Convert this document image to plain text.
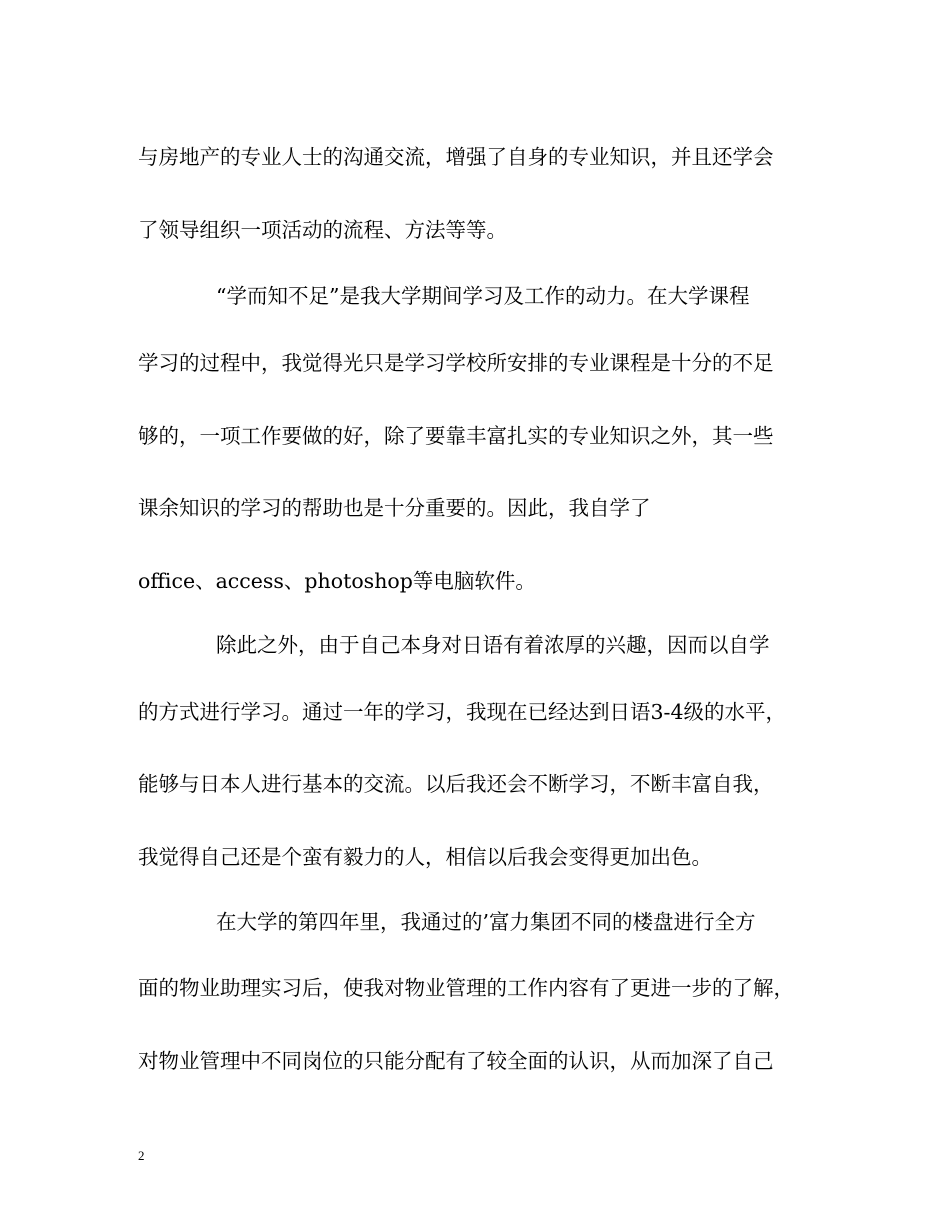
与房地产的专业人士的沟通交流，增强了自身的专业知识，并且还学会
了领导组织一项活动的流程、方法等等。
“学而知不足”是我大学期间学习及工作的动力。在大学课程
学习的过程中，我觉得光只是学习学校所安排的专业课程是十分的不足
够的，一项工作要做的好，除了要靠丰富扎实的专业知识之外，其一些
课余知识的学习的帮助也是十分重要的。因此，我自学了
office、access、photoshop等电脑软件。
除此之外，由于自己本身对日语有着浓厚的兴趣，因而以自学
的方式进行学习。通过一年的学习，我现在已经达到日语3-4级的水平，
能够与日本人进行基本的交流。以后我还会不断学习，不断丰富自我，
我觉得自己还是个蛮有毅力的人，相信以后我会变得更加出色。
在大学的第四年里，我通过的’富力集团不同的楼盘进行全方
面的物业助理实习后，使我对物业管理的工作内容有了更进一步的了解，
对物业管理中不同岗位的只能分配有了较全面的认识，从而加深了自己
2
